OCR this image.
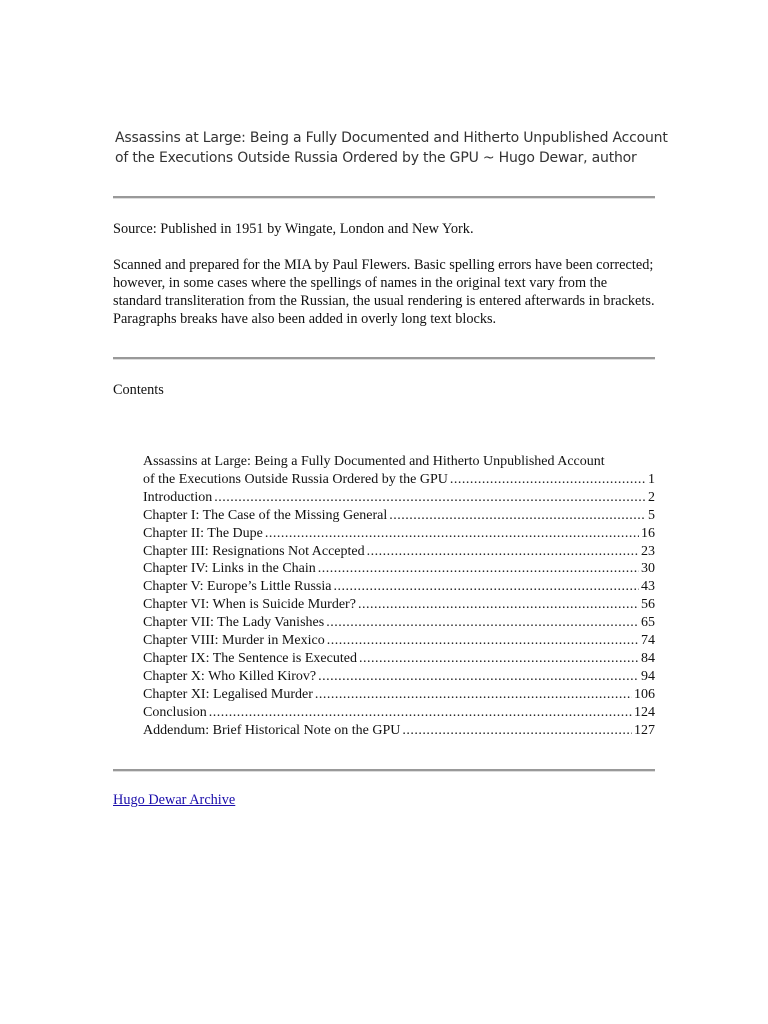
Assassins at Large: Being a Fully Documented and Hitherto Unpublished Account
of the Executions Outside Russia Ordered by the GPU ~ Hugo Dewar, author
Source: Published in 1951 by Wingate, London and New York.
Scanned and prepared for the MIA by Paul Flewers. Basic spelling errors have been corrected; however, in some cases where the spellings of names in the original text vary from the standard transliteration from the Russian, the usual rendering is entered afterwards in brackets. Paragraphs breaks have also been added in overly long text blocks.
Contents
Assassins at Large: Being a Fully Documented and Hitherto Unpublished Account
of the Executions Outside Russia Ordered by the GPU .....	1
Introduction .....	2
Chapter I: The Case of the Missing General .....	5
Chapter II: The Dupe .....	16
Chapter III: Resignations Not Accepted .....	23
Chapter IV: Links in the Chain .....	30
Chapter V: Europe’s Little Russia .....	43
Chapter VI: When is Suicide Murder? .....	56
Chapter VII: The Lady Vanishes .....	65
Chapter VIII: Murder in Mexico .....	74
Chapter IX: The Sentence is Executed .....	84
Chapter X: Who Killed Kirov? .....	94
Chapter XI: Legalised Murder .....	106
Conclusion .....	124
Addendum: Brief Historical Note on the GPU .....	127
Hugo Dewar Archive
